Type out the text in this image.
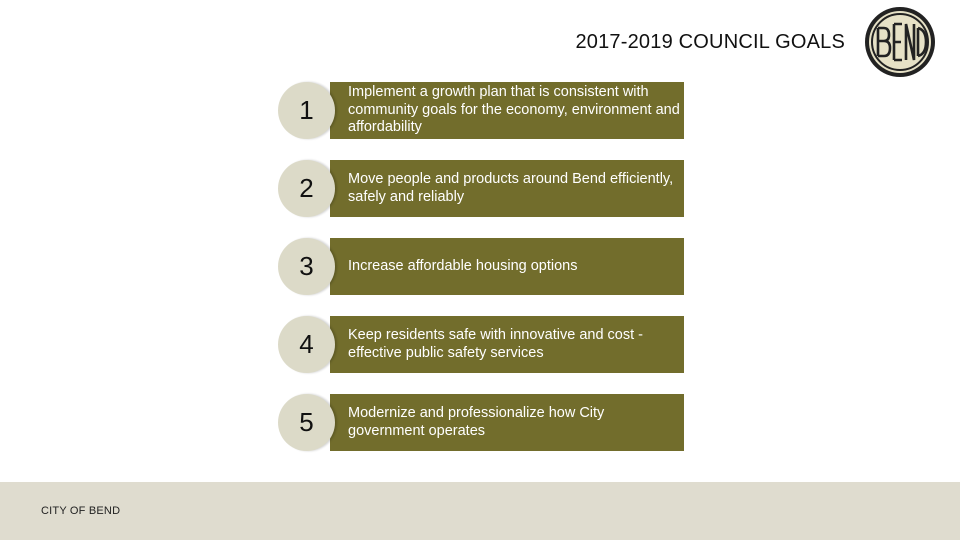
2017-2019 COUNCIL GOALS
1
Implement a growth plan that is consistent with community goals for the economy, environment and affordability
2 Move people and products around Bend efficiently, safely and reliably
3 Increase affordable housing options
4 Keep residents safe with innovative and cost -effective public safety services
5 Modernize and professionalize how City government operates
CITY OF BEND
